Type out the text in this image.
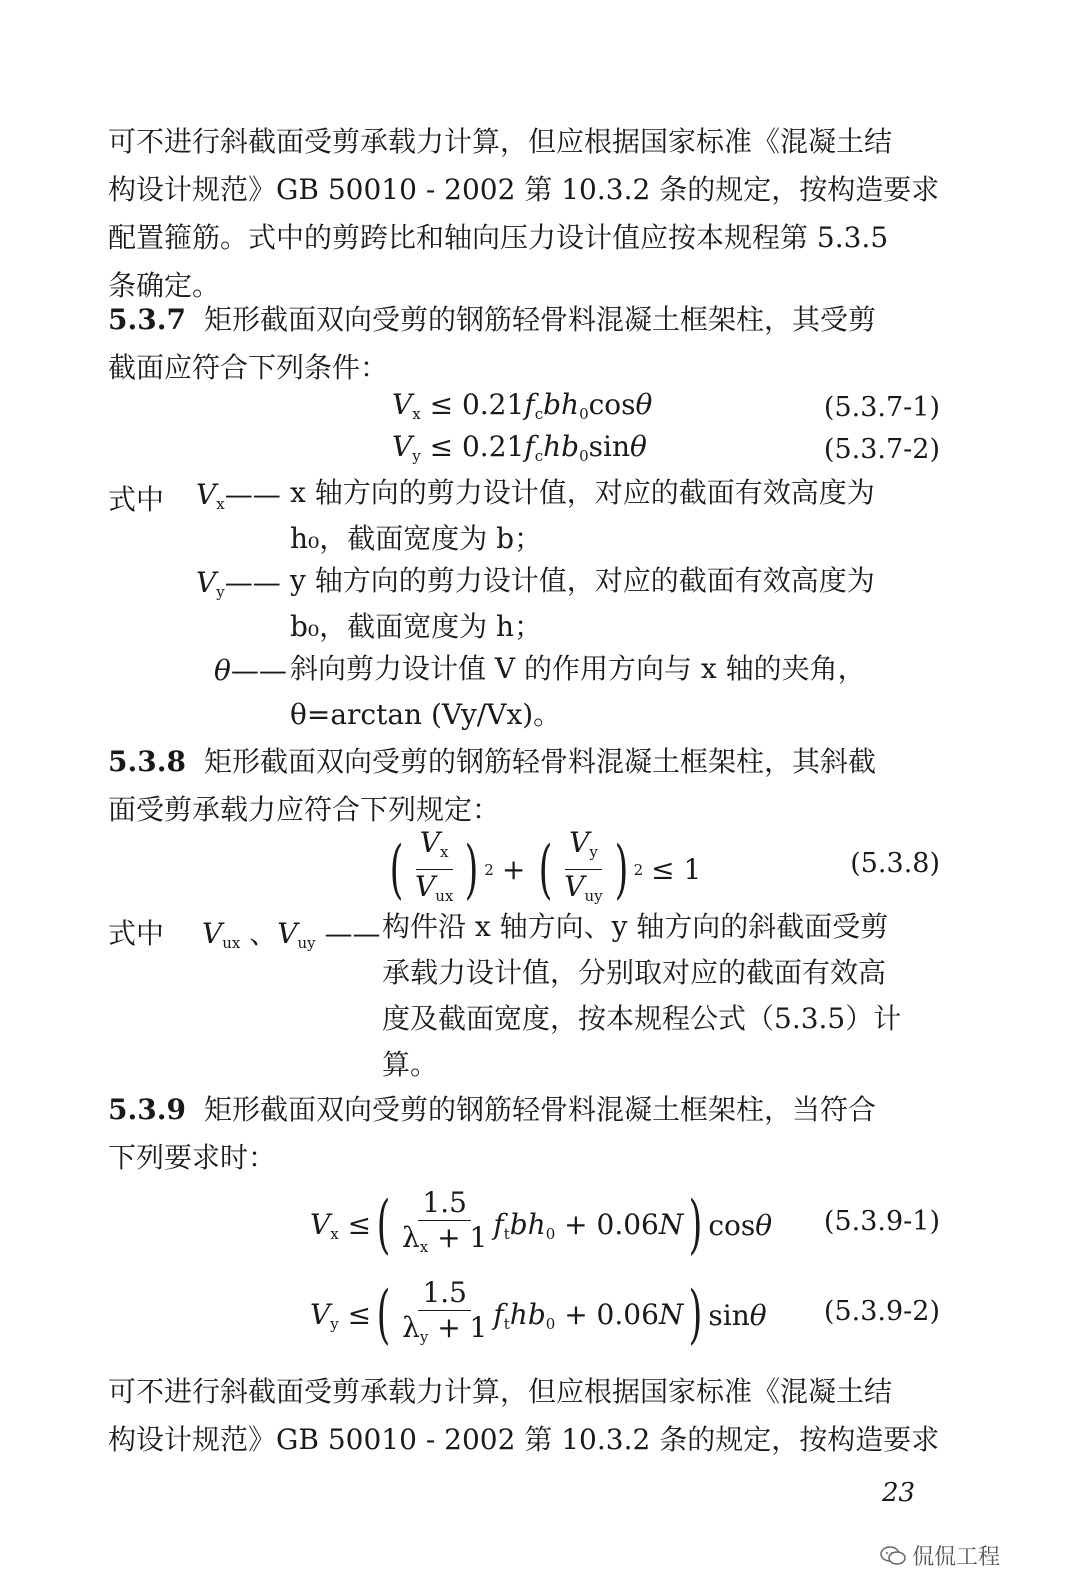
可不进行斜截面受剪承载力计算，但应根据国家标准《混凝土结
构设计规范》GB 50010 - 2002 第 10.3.2 条的规定，按构造要求
配置箍筋。式中的剪跨比和轴向压力设计值应按本规程第 5.3.5
条确定。
5.3.7 矩形截面双向受剪的钢筋轻骨料混凝土框架柱，其受剪
截面应符合下列条件：
$V_x \le 0.21f_cbh_0\cos\theta$	(5.3.7-1)
$V_y \le 0.21f_chb_0\sin\theta$	(5.3.7-2)
式中 $V_x——$ x 轴方向的剪力设计值，对应的截面有效高度为
h₀，截面宽度为 b；
$V_y——$ y 轴方向的剪力设计值，对应的截面有效高度为
b₀，截面宽度为 h；
θ—— 斜向剪力设计值 V 的作用方向与 x 轴的夹角，
θ=arctan (Vy/Vx)。
5.3.8 矩形截面双向受剪的钢筋轻骨料混凝土框架柱，其斜截
面受剪承载力应符合下列规定：
( $\frac{V_x}{V_{ux}}$ ) 2 + ( $\frac{V_y}{V_{uy}}$ ) 2 ≤ 1	(5.3.8)
式中 $V_{ux}$ 、$V_{uy}$ —— 构件沿 x 轴方向、y 轴方向的斜截面受剪
承载力设计值，分别取对应的截面有效高
度及截面宽度，按本规程公式（5.3.5）计
算。
5.3.9 矩形截面双向受剪的钢筋轻骨料混凝土框架柱，当符合
下列要求时：
$V_x$ ≤ ( $\frac{1.5}{\lambda_x + 1} f_tbh_0 + 0.06N$ ) cosθ (5.3.9-1)
$V_y$ ≤ ( $\frac{1.5}{\lambda_y + 1} f_thb_0 + 0.06N$ ) sinθ (5.3.9-2)
可不进行斜截面受剪承载力计算，但应根据国家标准《混凝土结
构设计规范》GB 50010 - 2002 第 10.3.2 条的规定，按构造要求
23
侃侃工程
